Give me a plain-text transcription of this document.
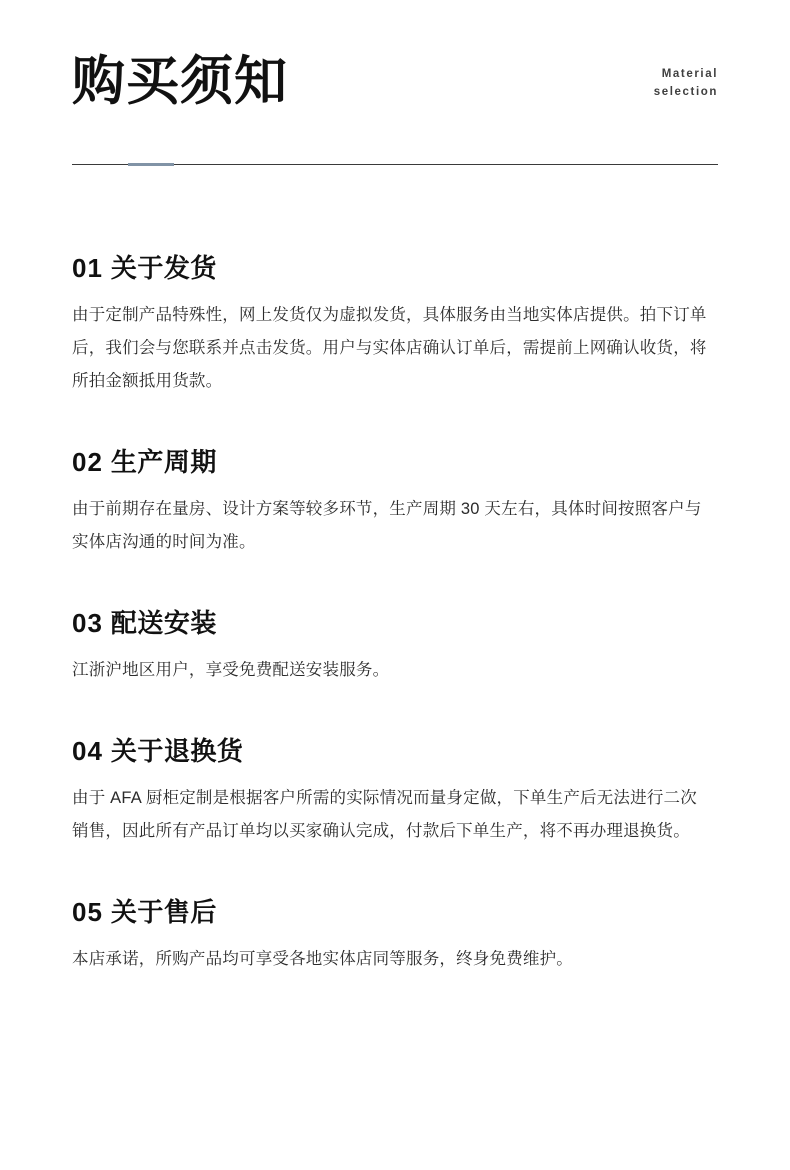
购买须知	Material
selection
01 关于发货

由于定制产品特殊性，网上发货仅为虚拟发货，具体服务由当地实体店提供。拍下订单后，我们会与您联系并点击发货。用户与实体店确认订单后，需提前上网确认收货，将所拍金额抵用货款。

02 生产周期

由于前期存在量房、设计方案等较多环节，生产周期 30 天左右，具体时间按照客户与实体店沟通的时间为准。

03 配送安装

江浙沪地区用户，享受免费配送安装服务。

04 关于退换货

由于 AFA 厨柜定制是根据客户所需的实际情况而量身定做，下单生产后无法进行二次销售，因此所有产品订单均以买家确认完成，付款后下单生产，将不再办理退换货。

05 关于售后

本店承诺，所购产品均可享受各地实体店同等服务，终身免费维护。
